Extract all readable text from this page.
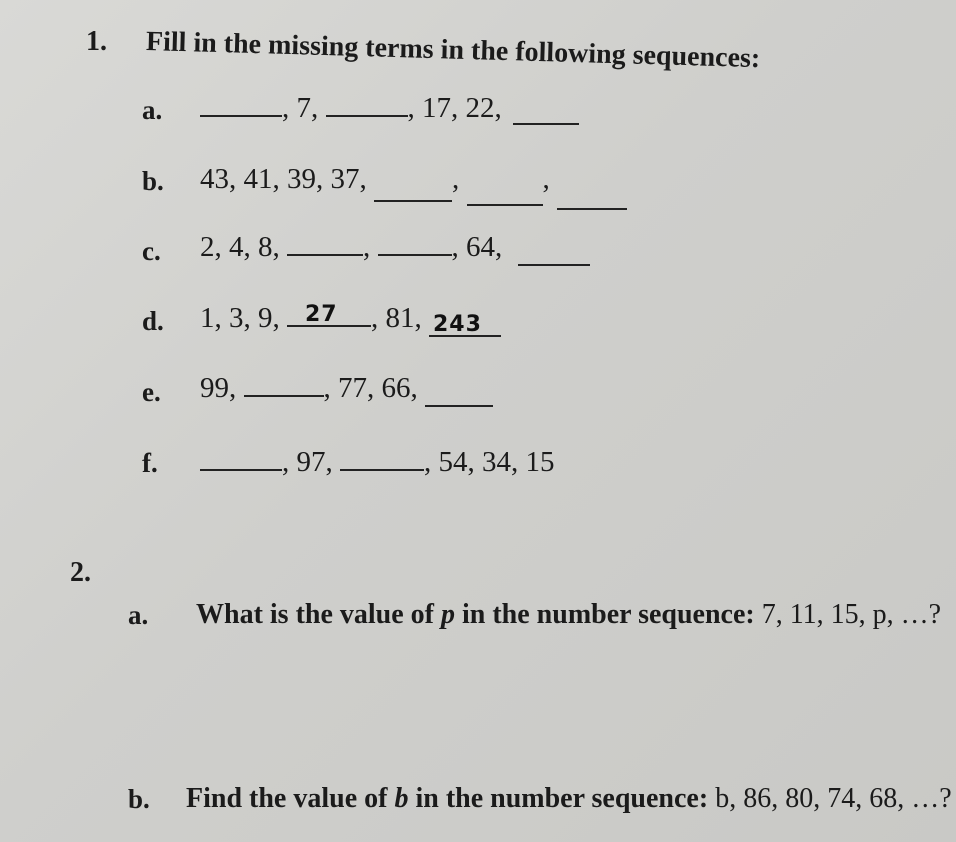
1. Fill in the missing terms in the following sequences:
a.	, 7,	, 17, 22,
b. 43, 41, 39, 37,	,	,
c. 2, 4, 8,	,	, 64,
d. 1, 3, 9, 27 , 81, 243
e. 99,	, 77, 66,
f.	, 97,	, 54, 34, 15
2.
a. What is the value of p in the number sequence: 7, 11, 15, p, …?
b. Find the value of b in the number sequence: b, 86, 80, 74, 68, …?
